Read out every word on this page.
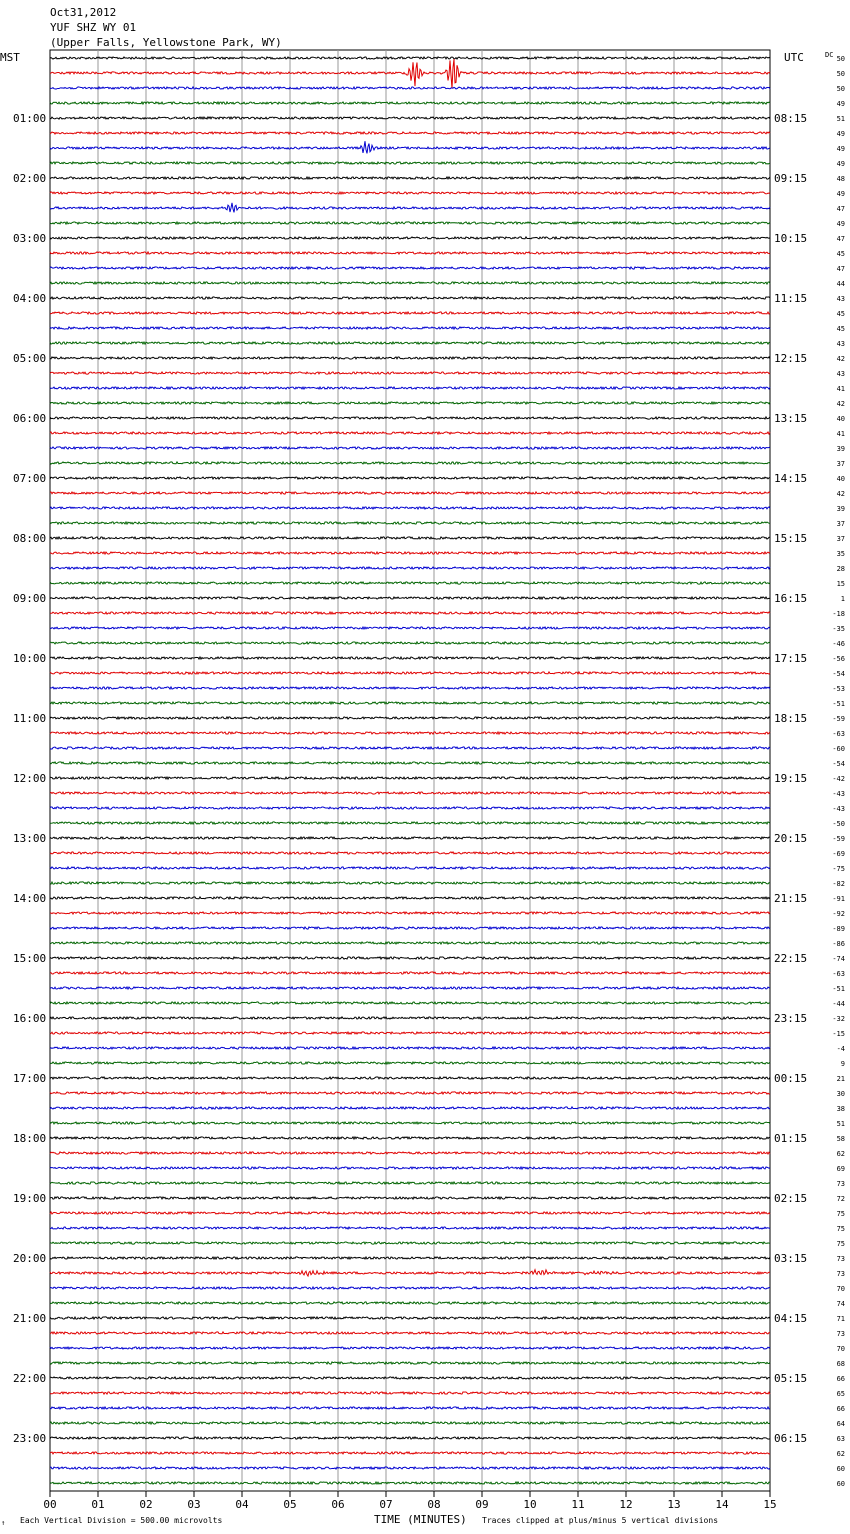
Oct31,2012
YUF SHZ WY 01
(Upper Falls, Yellowstone Park, WY)
MST	UTC	DC
01:00
02:00
03:00
04:00
05:00
06:00
07:00
08:00
09:00
10:00
11:00
12:00
13:00
14:00
15:00
16:00
17:00
18:00
19:00
20:00
21:00
22:00
23:00
08:15
09:15
10:15
11:15
12:15
13:15
14:15
15:15
16:15
17:15
18:15
19:15
20:15
21:15
22:15
23:15
00:15
01:15
02:15
03:15
04:15
05:15
06:15
50
50
50
49
51
49
49
49
48
49
47
49
47
45
47
44
43
45
45
43
42
43
41
42
40
41
39
37
40
42
39
37
37
35
28
15
1
-18
-35
-46
-56
-54
-53
-51
-59
-63
-60
-54
-42
-43
-43
-50
-59
-69
-75
-82
-91
-92
-89
-86
-74
-63
-51
-44
-32
-15
-4
9
21
30
38
51
58
62
69
73
72
75
75
75
73
73
70
74
71
73
70
68
66
65
66
64
63
62
60
60
00	01	02	03	04	05	06	07	08	09	10	11	12	13	14	15
↑ Each Vertical Division = 500.00 microvolts	TIME (MINUTES) Traces clipped at plus/minus 5 vertical divisions
